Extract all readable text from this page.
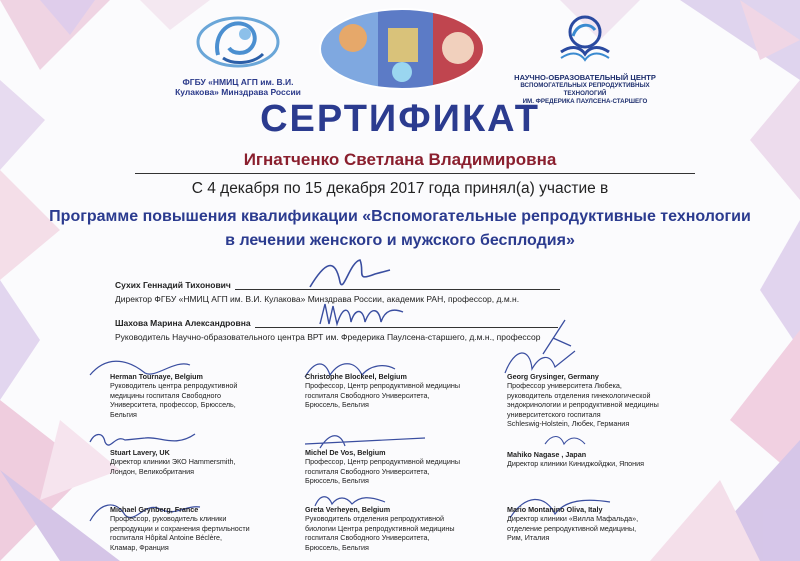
ФГБУ «НМИЦ АГП им. В.И.
Кулакова» Минздрава России
НАУЧНО-ОБРАЗОВАТЕЛЬНЫЙ ЦЕНТР
ВСПОМОГАТЕЛЬНЫХ РЕПРОДУКТИВНЫХ ТЕХНОЛОГИЙ
ИМ. ФРЕДЕРИКА ПАУЛСЕНА-СТАРШЕГО
СЕРТИФИКАТ
Игнатченко Светлана Владимировна
С 4 декабря по 15 декабря 2017 года принял(а) участие в
Программе повышения квалификации «Вспомогательные репродуктивные технологии
в лечении женского и мужского бесплодия»
Сухих Геннадий Тихонович
Директор ФГБУ «НМИЦ АГП им. В.И. Кулакова» Минздрава России, академик РАН, профессор, д.м.н.
Шахова Марина Александровна
Руководитель Научно-образовательного центра ВРТ им. Фредерика Паулсена-старшего, д.м.н., профессор
Herman Tournaye, Belgium
Руководитель центра репродуктивной
медицины госпиталя Свободного
Университета, профессор, Брюссель,
Бельгия
Christophe Blockeel, Belgium
Профессор, Центр репродуктивной медицины
госпиталя Свободного Университета,
Брюссель, Бельгия
Georg Grysinger, Germany
Профессор университета Любека,
руководитель отделения гинекологической
эндокринологии и репродуктивной медицины
университетского госпиталя
Schleswig-Holstein, Любек, Германия
Stuart Lavery, UK
Директор клиники ЭКО Hammersmith,
Лондон, Великобритания
Michel De Vos, Belgium
Профессор, Центр репродуктивной медицины
госпиталя Свободного Университета,
Брюссель, Бельгия
Mahiko Nagase , Japan
Директор клиники Киниджойджи, Япония
Michael Grynberg, France
Профессор, руководитель клиники
репродукции и сохранения фертильности
госпиталя Hôpital Antoine Béclère,
Кламар, Франция
Greta Verheyen, Belgium
Руководитель отделения репродуктивной
биологии Центра репродуктивной медицины
госпиталя Свободного Университета,
Брюссель, Бельгия
Mario Montanino Oliva, Italy
Директор клиники «Вилла Мафальда»,
отделение репродуктивной медицины,
Рим, Италия
